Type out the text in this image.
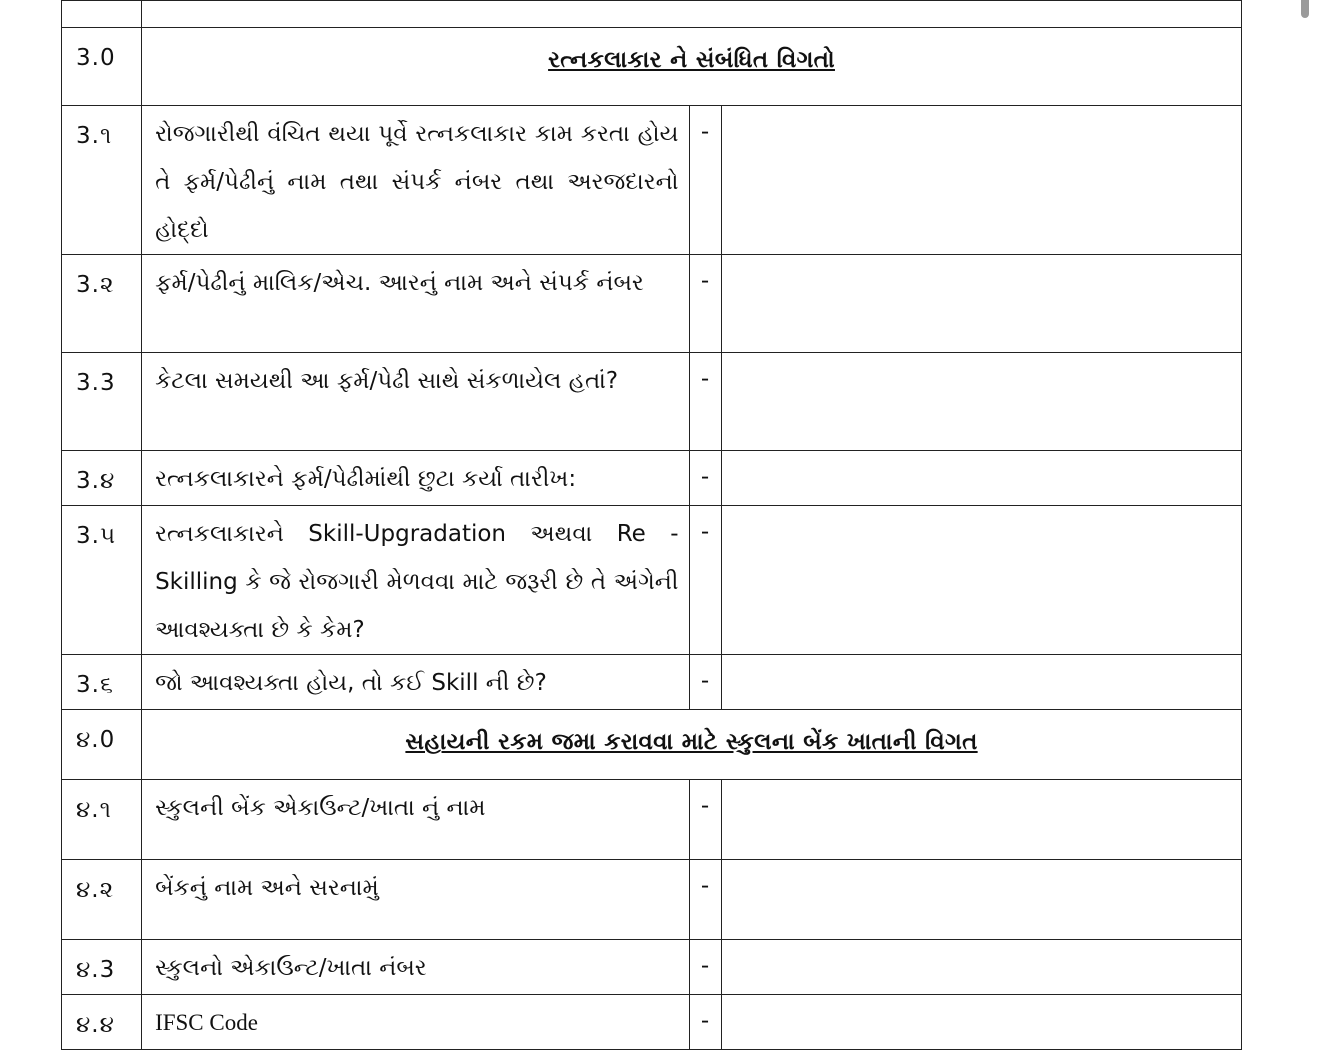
3.0	રત્નકલાકાર ને સંબંધિત વિગતો		
3.૧	રોજગારીથી વંચિત થયા પૂર્વે રત્નકલાકાર કામ કરતા હોય તે ફર્મ/પેઢીનું નામ તથા સંપર્ક નંબર તથા અરજદારનો હોદ્દો	-	
3.૨	ફર્મ/પેઢીનું માલિક/એચ. આરનું નામ અને સંપર્ક નંબર	-	
3.3	કેટલા સમયથી આ ફર્મ/પેઢી સાથે સંકળાયેલ હતાં?	-	
3.૪	રત્નકલાકારને ફર્મ/પેઢીમાંથી છુટા કર્યા તારીખ:	-	
3.૫	રત્નકલાકારને Skill-Upgradation અથવા Re -Skilling કે જે રોજગારી મેળવવા માટે જરૂરી છે તે અંગેની આવશ્યક્તા છે કે કેમ?	-	
3.૬	જો આવશ્યક્તા હોય, તો કઈ Skill ની છે?	-	
૪.0	સહાયની રકમ જમા કરાવવા માટે સ્કુલના બેંક ખાતાની વિગત		
૪.૧	સ્કુલની બેંક એકાઉન્ટ/ખાતા નું નામ	-	
૪.૨	બેંકનું નામ અને સરનામું	-	
૪.3	સ્કુલનો એકાઉન્ટ/ખાતા નંબર	-	
૪.૪	IFSC Code	-	
